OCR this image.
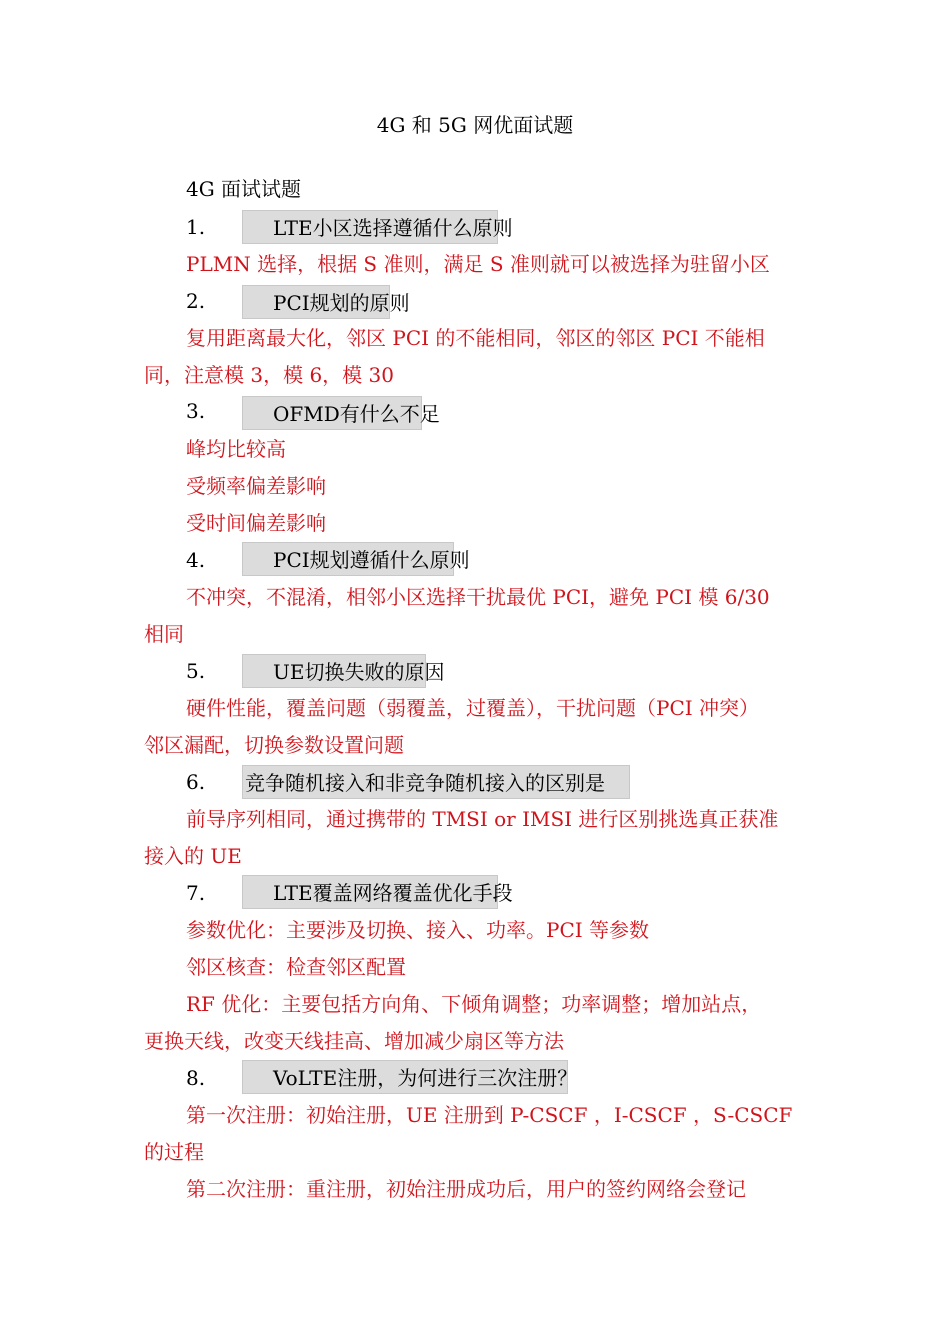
4G 和 5G 网优面试题

4G 面试试题

1.	LTE小区选择遵循什么原则

PLMN 选择，根据 S 准则，满足 S 准则就可以被选择为驻留小区

2.	PCI规划的原则

复用距离最大化，邻区 PCI 的不能相同，邻区的邻区 PCI 不能相

同，注意模 3，模 6，模 30

3.	OFMD有什么不足

峰均比较高

受频率偏差影响

受时间偏差影响

4.	PCI规划遵循什么原则

不冲突，不混淆，相邻小区选择干扰最优 PCI，避免 PCI 模 6/30

相同

5.	UE切换失败的原因

硬件性能，覆盖问题（弱覆盖，过覆盖），干扰问题（PCI 冲突）

邻区漏配，切换参数设置问题

6. 竞争随机接入和非竞争随机接入的区别是

前导序列相同，通过携带的 TMSI or IMSI 进行区别挑选真正获准

接入的 UE

7.	LTE覆盖网络覆盖优化手段

参数优化：主要涉及切换、接入、功率。PCI 等参数

邻区核查：检查邻区配置

RF 优化：主要包括方向角、下倾角调整；功率调整；增加站点，

更换天线，改变天线挂高、增加减少扇区等方法

8.	VoLTE注册，为何进行三次注册？

第一次注册：初始注册，UE 注册到 P-CSCF ，I-CSCF ，S-CSCF

的过程

第二次注册：重注册，初始注册成功后，用户的签约网络会登记
